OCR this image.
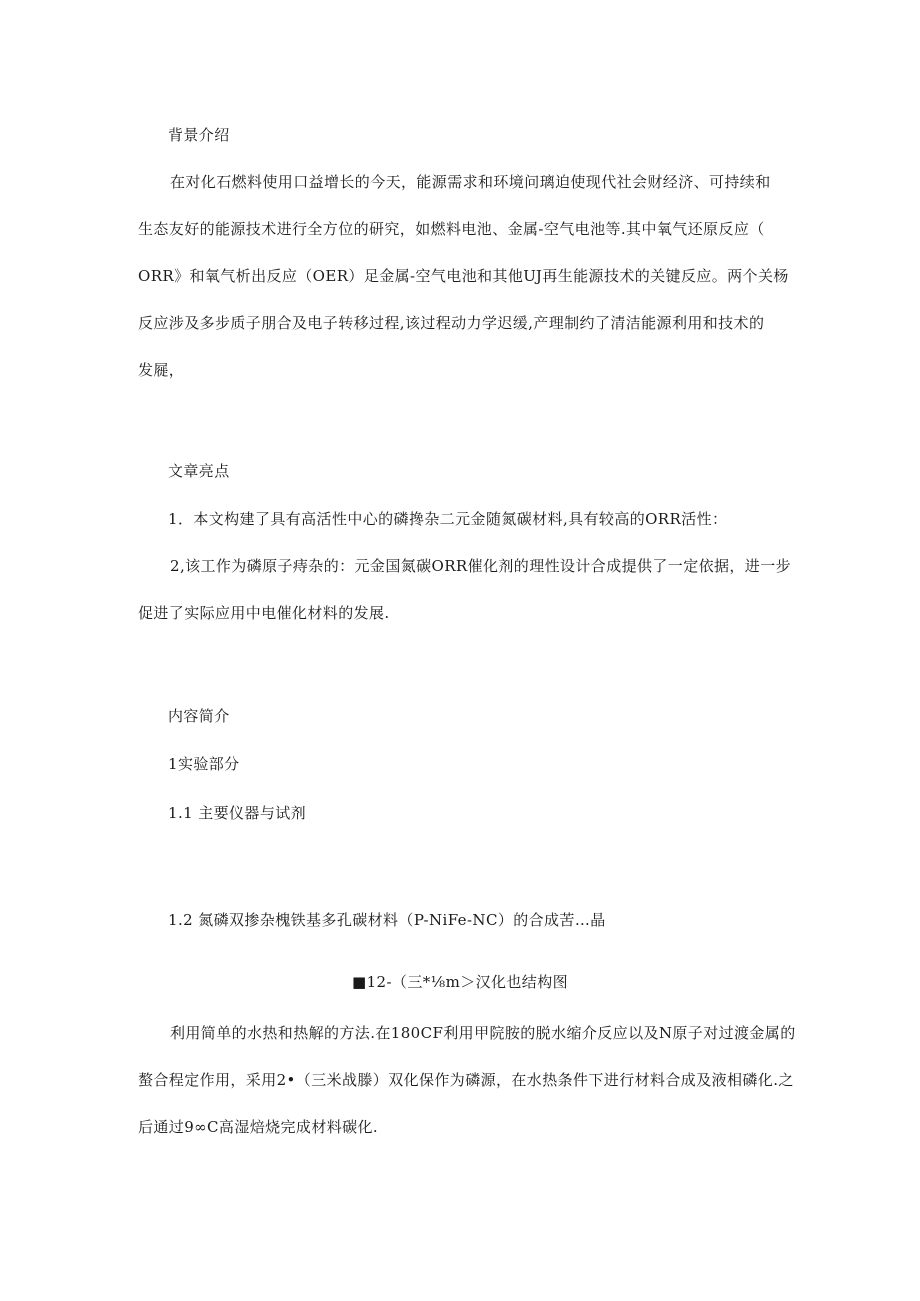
背景介绍

在对化石燃料使用口益增长的今天，能源需求和环境问璃迫使现代社会财经济、可持续和
生态友好的能源技术进行全方位的研究，如燃料电池、金属-空气电池等.其中氧气还原反应（
ORR》和氧气析出反应（OER）足金属-空气电池和其他UJ再生能源技术的关键反应。两个关杨
反应涉及多步质子朋合及电子转移过程,该过程动力学迟缓,产理制约了清洁能源利用和技术的
发屣，

文章亮点

1．本文构建了具有高活性中心的磷搀杂二元金随氮碳材料,具有较高的ORR活性：

2,该工作为磷原子痔杂的：元金国氮碳ORR催化剂的理性设计合成提供了一定依据，进一步
促进了实际应用中电催化材料的发展.

内容简介

1实验部分

1.1 主要仪器与试剂

1.2 氮磷双掺杂槐铁基多孔碳材料（P-NiFe-NC）的合成苦…晶

■12-（三*⅛m＞汉化也结构图

利用简单的水热和热解的方法.在180CF利用甲院胺的脱水缩介反应以及N原子对过渡金属的
螯合程定作用，采用2•（三米战滕）双化保作为磷源，在水热条件下进行材料合成及液相磷化.之
后通过9∞C高湿焙烧完成材料碳化.
